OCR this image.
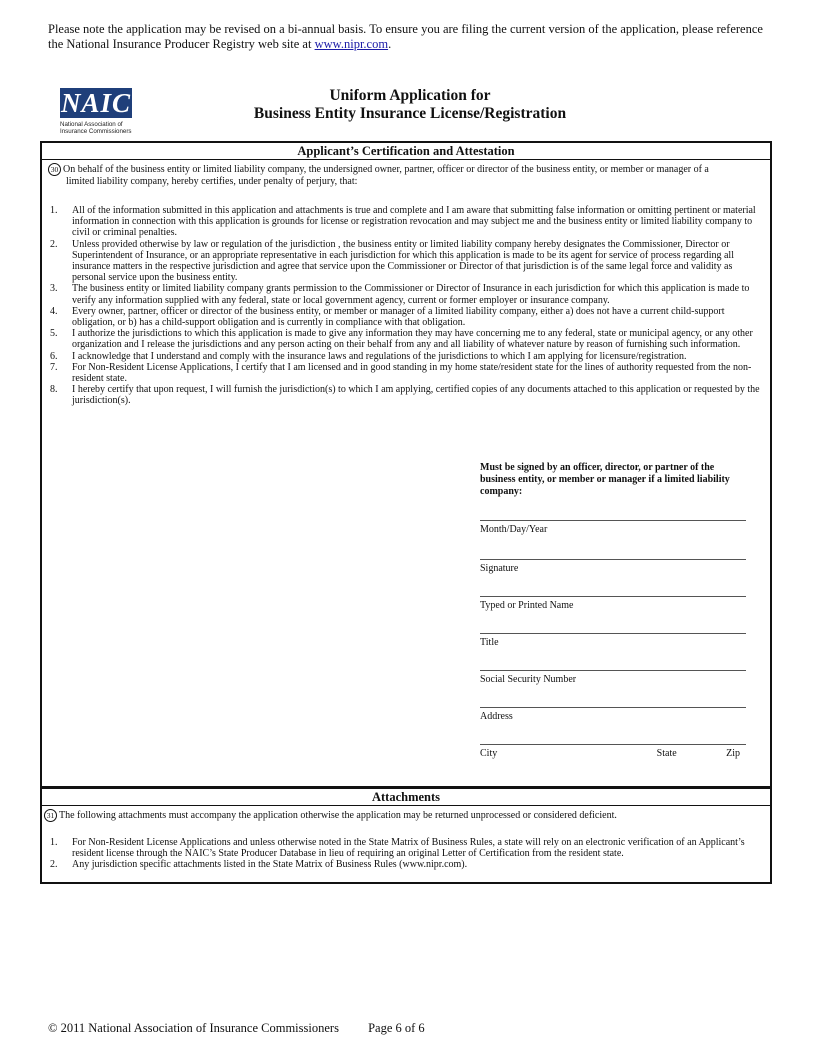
Please note the application may be revised on a bi-annual basis. To ensure you are filing the current version of the application, please reference the National Insurance Producer Registry web site at www.nipr.com.
NAIC
National Association of
Insurance Commissioners
Uniform Application for
Business Entity Insurance License/Registration
Applicant’s Certification and Attestation
30 On behalf of the business entity or limited liability company, the undersigned owner, partner, officer or director of the business entity, or member or manager of a
limited liability company, hereby certifies, under penalty of perjury, that:
1. All of the information submitted in this application and attachments is true and complete and I am aware that submitting false information or omitting pertinent or material information in connection with this application is grounds for license or registration revocation and may subject me and the business entity or limited liability company to civil or criminal penalties.
2. Unless provided otherwise by law or regulation of the jurisdiction , the business entity or limited liability company hereby designates the Commissioner, Director or Superintendent of Insurance, or an appropriate representative in each jurisdiction for which this application is made to be its agent for service of process regarding all insurance matters in the respective jurisdiction and agree that service upon the Commissioner or Director of that jurisdiction is of the same legal force and validity as personal service upon the business entity.
3. The business entity or limited liability company grants permission to the Commissioner or Director of Insurance in each jurisdiction for which this application is made to verify any information supplied with any federal, state or local government agency, current or former employer or insurance company.
4. Every owner, partner, officer or director of the business entity, or member or manager of a limited liability company, either a) does not have a current child-support obligation, or b) has a child-support obligation and is currently in compliance with that obligation.
5. I authorize the jurisdictions to which this application is made to give any information they may have concerning me to any federal, state or municipal agency, or any other organization and I release the jurisdictions and any person acting on their behalf from any and all liability of whatever nature by reason of furnishing such information.
6. I acknowledge that I understand and comply with the insurance laws and regulations of the jurisdictions to which I am applying for licensure/registration.
7. For Non-Resident License Applications, I certify that I am licensed and in good standing in my home state/resident state for the lines of authority requested from the non-resident state.
8. I hereby certify that upon request, I will furnish the jurisdiction(s) to which I am applying, certified copies of any documents attached to this application or requested by the jurisdiction(s).
Must be signed by an officer, director, or partner of the business entity, or member or manager if a limited liability company:
Month/Day/Year
Signature
Typed or Printed Name
Title
Social Security Number
Address
City	State	Zip
Attachments
31 The following attachments must accompany the application otherwise the application may be returned unprocessed or considered deficient.
1. For Non-Resident License Applications and unless otherwise noted in the State Matrix of Business Rules, a state will rely on an electronic verification of an Applicant’s resident license through the NAIC’s State Producer Database in lieu of requiring an original Letter of Certification from the resident state.
2. Any jurisdiction specific attachments listed in the State Matrix of Business Rules (www.nipr.com).
© 2011 National Association of Insurance Commissioners Page 6 of 6
